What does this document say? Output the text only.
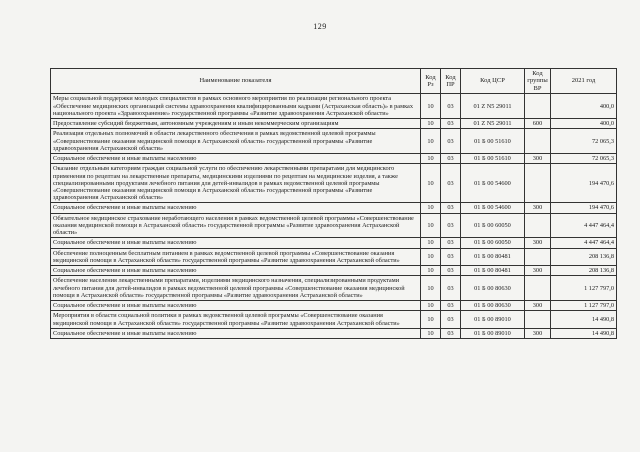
129
Наименование показателя	Код Рз	Код ПР	Код ЦСР	Код группы ВР	2021 год
Меры социальной поддержки молодых специалистов в рамках основного мероприятия по реализации регионального проекта «Обеспечение медицинских организаций системы здравоохранения квалифицированными кадрами (Астраханская область)» в рамках национального проекта «Здравоохранение» государственной программы «Развитие здравоохранения Астраханской области»	10	03	01 Z N5 29011		400,0
Предоставление субсидий бюджетным, автономным учреждениям и иным некоммерческим организациям	10	03	01 Z N5 29011	600	400,0
Реализация отдельных полномочий в области лекарственного обеспечения в рамках ведомственной целевой программы «Совершенствование оказания медицинской помощи в Астраханской области» государственной программы «Развитие здравоохранения Астраханской области»	10	03	01 Б 00 51610		72 065,3
Социальное обеспечение и иные выплаты населению	10	03	01 Б 00 51610	300	72 065,3
Оказание отдельным категориям граждан социальной услуги по обеспечению лекарственными препаратами для медицинского применения по рецептам на лекарственные препараты, медицинскими изделиями по рецептам на медицинские изделия, а также специализированными продуктами лечебного питания для детей-инвалидов в рамках ведомственной целевой программы «Совершенствование оказания медицинской помощи в Астраханской области» государственной программы «Развитие здравоохранения Астраханской области»	10	03	01 Б 00 54600		194 470,6
Социальное обеспечение и иные выплаты населению	10	03	01 Б 00 54600	300	194 470,6
Обязательное медицинское страхование неработающего населения в рамках ведомственной целевой программы «Совершенствование оказания медицинской помощи в Астраханской области» государственной программы «Развитие здравоохранения Астраханской области»	10	03	01 Б 00 60050		4 447 464,4
Социальное обеспечение и иные выплаты населению	10	03	01 Б 00 60050	300	4 447 464,4
Обеспечение полноценным бесплатным питанием в рамках ведомственной целевой программы «Совершенствование оказания медицинской помощи в Астраханской области» государственной программы «Развитие здравоохранения Астраханской области»	10	03	01 Б 00 80481		208 136,8
Социальное обеспечение и иные выплаты населению	10	03	01 Б 00 80481	300	208 136,8
Обеспечение населения лекарственными препаратами, изделиями медицинского назначения, специализированными продуктами лечебного питания для детей-инвалидов в рамках ведомственной целевой программы «Совершенствование оказания медицинской помощи в Астраханской области» государственной программы «Развитие здравоохранения Астраханской области»	10	03	01 Б 00 80630		1 127 797,0
Социальное обеспечение и иные выплаты населению	10	03	01 Б 00 80630	300	1 127 797,0
Мероприятия в области социальной политики в рамках ведомственной целевой программы «Совершенствование оказания медицинской помощи в Астраханской области» государственной программы «Развитие здравоохранения Астраханской области»	10	03	01 Б 00 89010		14 490,8
Социальное обеспечение и иные выплаты населению	10	03	01 Б 00 89010	300	14 490,8
